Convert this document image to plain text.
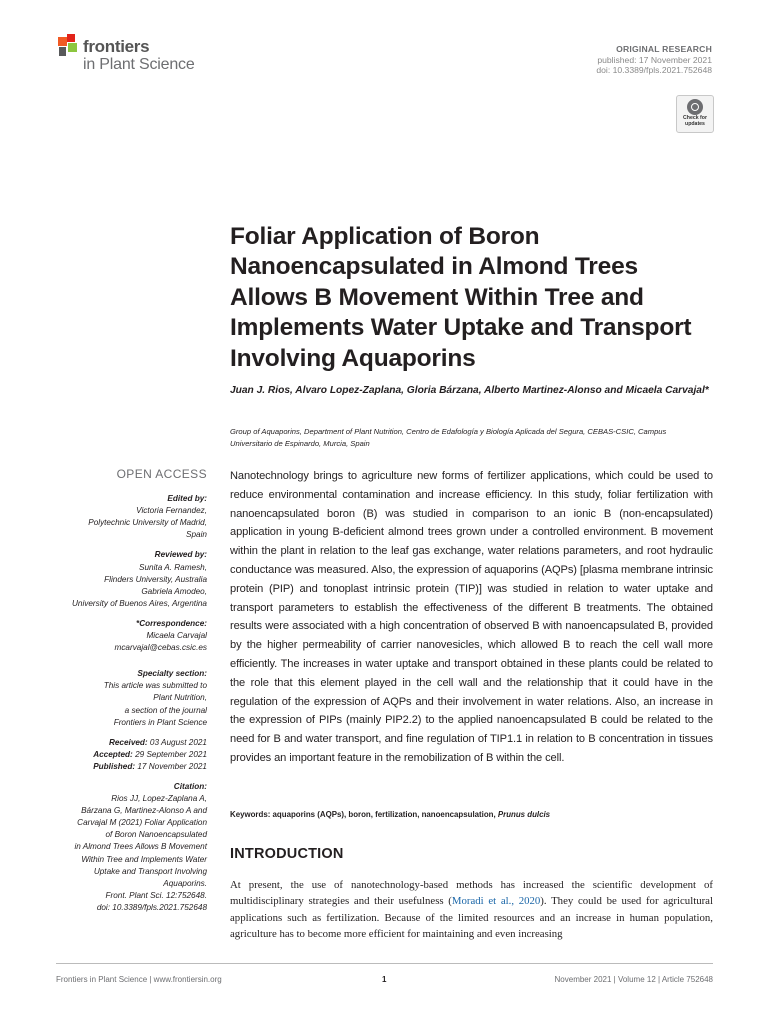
frontiers
in Plant Science
ORIGINAL RESEARCH
published: 17 November 2021
doi: 10.3389/fpls.2021.752648
Check for
updates
Foliar Application of Boron Nanoencapsulated in Almond Trees Allows B Movement Within Tree and Implements Water Uptake and Transport Involving Aquaporins
Juan J. Rios, Alvaro Lopez-Zaplana, Gloria Bárzana, Alberto Martinez-Alonso and Micaela Carvajal*
Group of Aquaporins, Department of Plant Nutrition, Centro de Edafología y Biología Aplicada del Segura, CEBAS-CSIC, Campus Universitario de Espinardo, Murcia, Spain
OPEN ACCESS
Edited by:
Victoria Fernandez,
Polytechnic University of Madrid,
Spain
Reviewed by:
Sunita A. Ramesh,
Flinders University, Australia
Gabriela Amodeo,
University of Buenos Aires, Argentina
*Correspondence:
Micaela Carvajal
mcarvajal@cebas.csic.es
Specialty section:
This article was submitted to
Plant Nutrition,
a section of the journal
Frontiers in Plant Science
Received: 03 August 2021
Accepted: 29 September 2021
Published: 17 November 2021
Citation:
Rios JJ, Lopez-Zaplana A,
Bárzana G, Martinez-Alonso A and
Carvajal M (2021) Foliar Application
of Boron Nanoencapsulated
in Almond Trees Allows B Movement
Within Tree and Implements Water
Uptake and Transport Involving
Aquaporins.
Front. Plant Sci. 12:752648.
doi: 10.3389/fpls.2021.752648
Nanotechnology brings to agriculture new forms of fertilizer applications, which could be used to reduce environmental contamination and increase efficiency. In this study, foliar fertilization with nanoencapsulated boron (B) was studied in comparison to an ionic B (non-encapsulated) application in young B-deficient almond trees grown under a controlled environment. B movement within the plant in relation to the leaf gas exchange, water relations parameters, and root hydraulic conductance was measured. Also, the expression of aquaporins (AQPs) [plasma membrane intrinsic protein (PIP) and tonoplast intrinsic protein (TIP)] was studied in relation to water uptake and transport parameters to establish the effectiveness of the different B treatments. The obtained results were associated with a high concentration of observed B with nanoencapsulated B, provided by the higher permeability of carrier nanovesicles, which allowed B to reach the cell wall more efficiently. The increases in water uptake and transport obtained in these plants could be related to the role that this element played in the cell wall and the relationship that it could have in the regulation of the expression of AQPs and their involvement in water relations. Also, an increase in the expression of PIPs (mainly PIP2.2) to the applied nanoencapsulated B could be related to the need for B and water transport, and fine regulation of TIP1.1 in relation to B concentration in tissues provides an important feature in the remobilization of B within the cell.
Keywords: aquaporins (AQPs), boron, fertilization, nanoencapsulation, Prunus dulcis
INTRODUCTION
At present, the use of nanotechnology-based methods has increased the scientific development of multidisciplinary strategies and their usefulness (Moradi et al., 2020). They could be used for agricultural applications such as fertilization. Because of the limited resources and an increase in human population, agriculture has to become more efficient for maintaining and even increasing
Frontiers in Plant Science | www.frontiersin.org	1	November 2021 | Volume 12 | Article 752648
